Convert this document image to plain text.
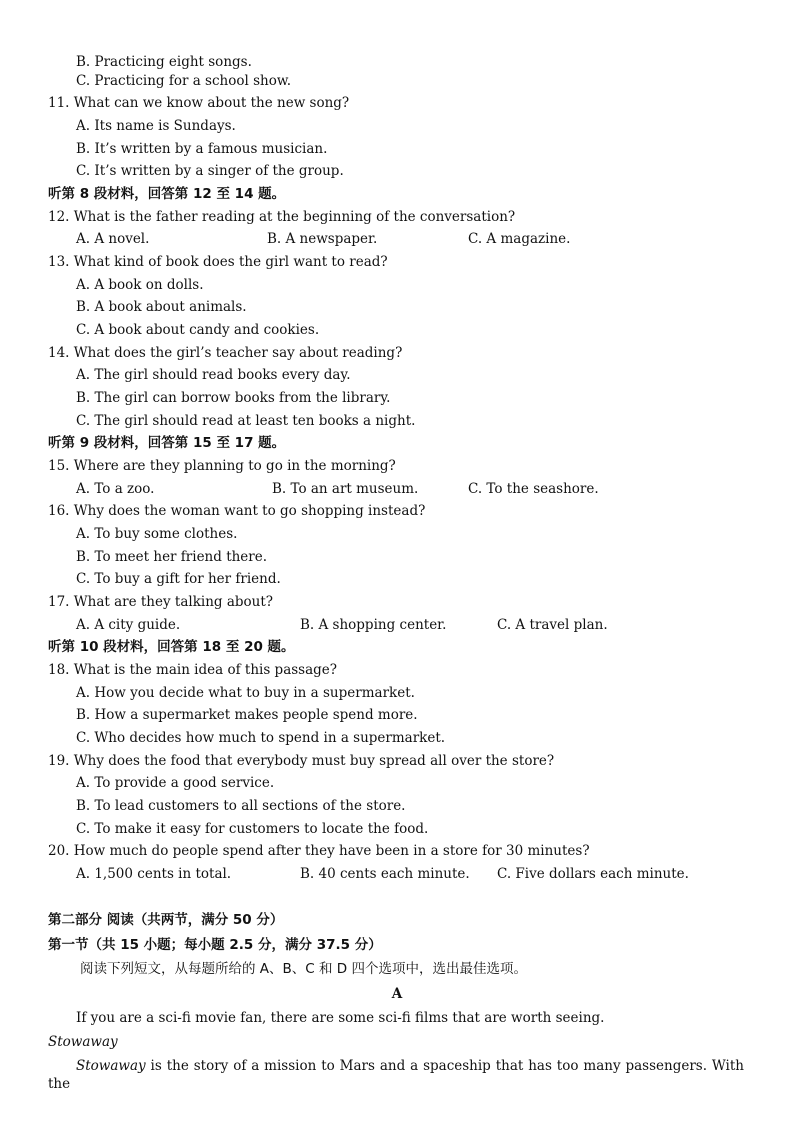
B. Practicing eight songs.
C. Practicing for a school show.
11. What can we know about the new song?
A. Its name is Sundays.
B. It’s written by a famous musician.
C. It’s written by a singer of the group.
听第 8 段材料，回答第 12 至 14 题。
12. What is the father reading at the beginning of the conversation?
A. A novel.	B. A newspaper.	C. A magazine.
13. What kind of book does the girl want to read?
A. A book on dolls.
B. A book about animals.
C. A book about candy and cookies.
14. What does the girl’s teacher say about reading?
A. The girl should read books every day.
B. The girl can borrow books from the library.
C. The girl should read at least ten books a night.
听第 9 段材料，回答第 15 至 17 题。
15. Where are they planning to go in the morning?
A. To a zoo.	B. To an art museum.	C. To the seashore.
16. Why does the woman want to go shopping instead?
A. To buy some clothes.
B. To meet her friend there.
C. To buy a gift for her friend.
17. What are they talking about?
A. A city guide.	B. A shopping center.	C. A travel plan.
听第 10 段材料，回答第 18 至 20 题。
18. What is the main idea of this passage?
A. How you decide what to buy in a supermarket.
B. How a supermarket makes people spend more.
C. Who decides how much to spend in a supermarket.
19. Why does the food that everybody must buy spread all over the store?
A. To provide a good service.
B. To lead customers to all sections of the store.
C. To make it easy for customers to locate the food.
20. How much do people spend after they have been in a store for 30 minutes?
A. 1,500 cents in total.	B. 40 cents each minute. C. Five dollars each minute.
第二部分 阅读（共两节，满分 50 分）
第一节（共 15 小题；每小题 2.5 分，满分 37.5 分）
阅读下列短文，从每题所给的 A、B、C 和 D 四个选项中，选出最佳选项。
A
If you are a sci-fi movie fan, there are some sci-fi films that are worth seeing.
Stowaway
Stowaway is the story of a mission to Mars and a spaceship that has too many passengers. With the
